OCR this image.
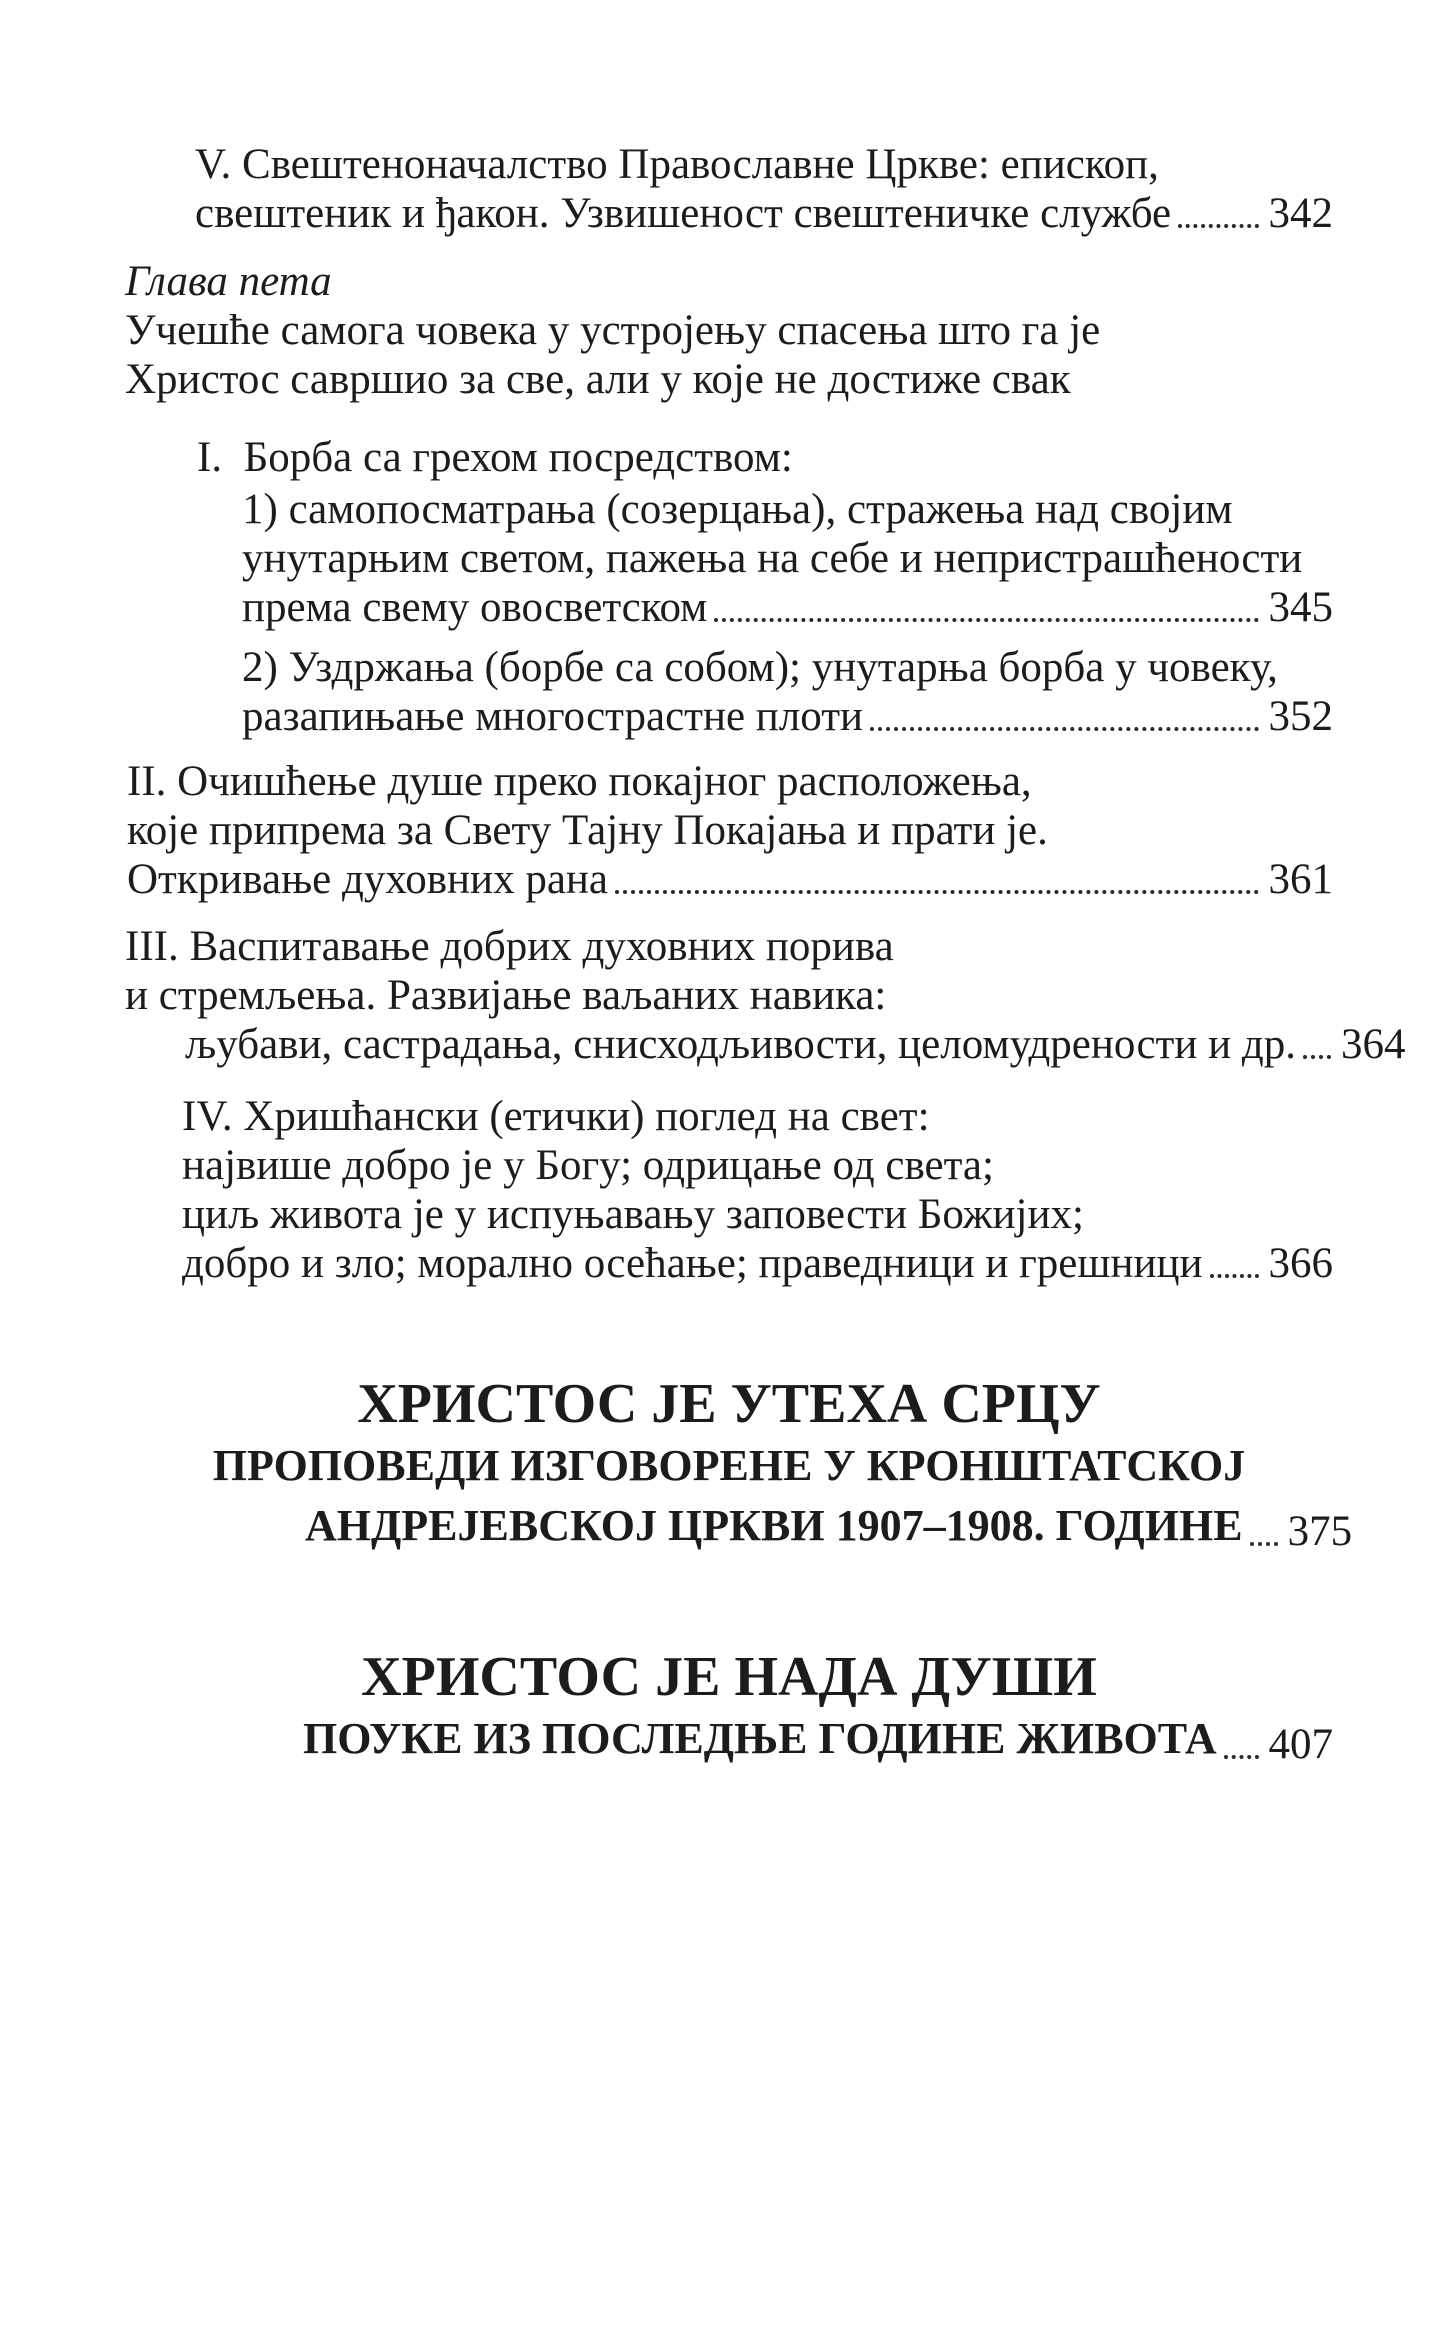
V. Свештеноначалство Православне Цркве: епископ,
свештеник и ђакон. Узвишеност свештеничке службе 342
Глава пета
Учешће самога човека у устројењу спасења што га је
Христос савршио за све, али у које не достиже свак
I.  Борба са грехом посредством:
1) самопосматрања (созерцања), стражења над својим
унутарњим светом, пажења на себе и непристрашћености
према свему овосветском	345
2) Уздржања (борбе са собом); унутарња борба у човеку,
разапињање многострастне плоти	352
II. Очишћење душе преко покајног расположења,
које припрема за Свету Тајну Покајања и прати је.
Откривање духовних рана	361
III. Васпитавање добрих духовних порива
и стремљења. Развијање ваљаних навика:
љубави, састрадања, снисходљивости, целомудрености и др. 364
IV. Хришћански (етички) поглед на свет:
највише добро је у Богу; одрицање од света;
циљ живота је у испуњавању заповести Божијих;
добро и зло; морално осећање; праведници и грешници 366
ХРИСТОС ЈЕ УТЕХА СРЦУ
ПРОПОВЕДИ ИЗГОВОРЕНЕ У КРОНШТАТСКОЈ
АНДРЕЈЕВСКОЈ ЦРКВИ 1907–1908. ГОДИНЕ 375
ХРИСТОС ЈЕ НАДА ДУШИ
ПОУКЕ ИЗ ПОСЛЕДЊЕ ГОДИНЕ ЖИВОТА 407
